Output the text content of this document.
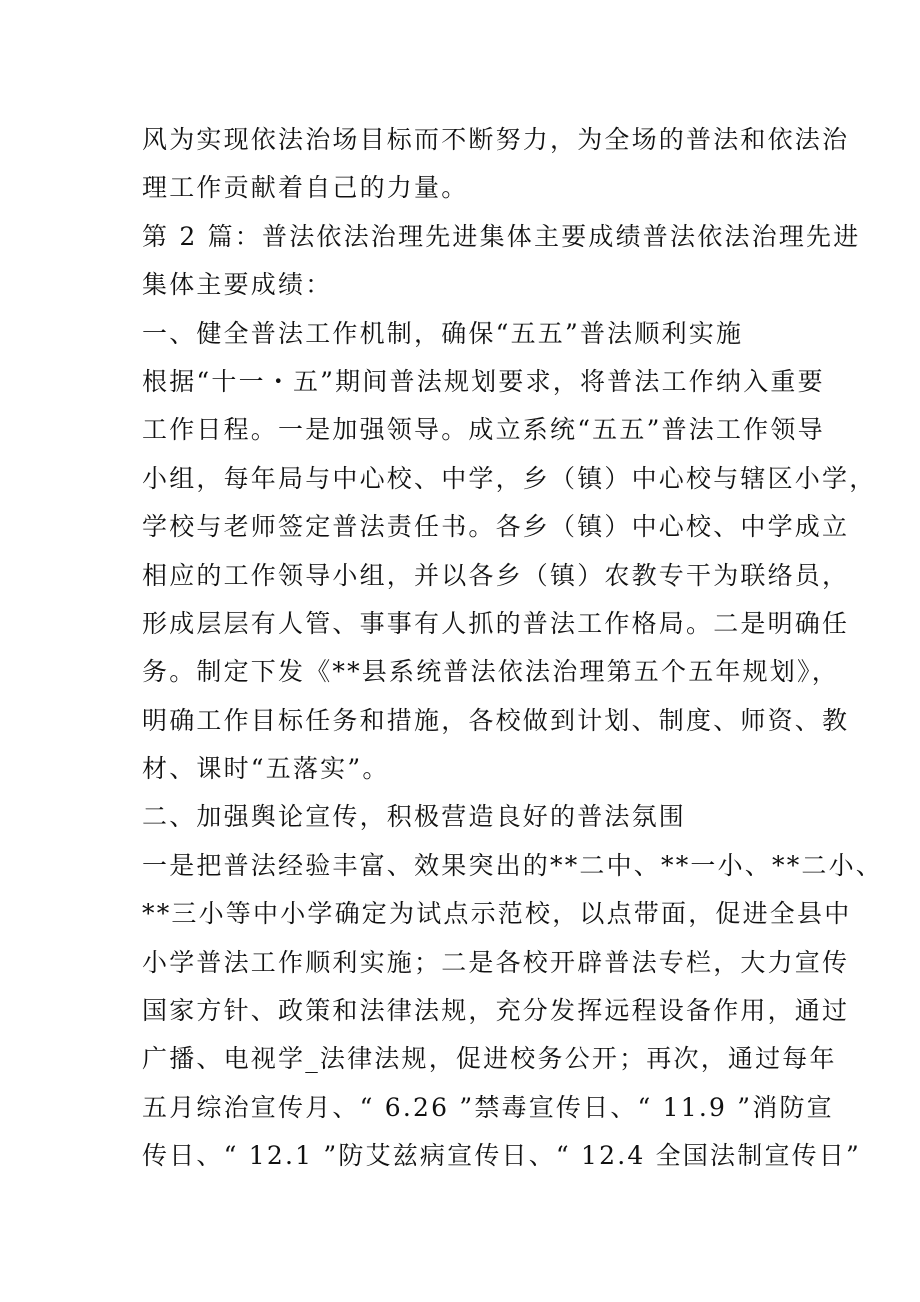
风为实现依法治场目标而不断努力，为全场的普法和依法治
理工作贡献着自己的力量。
第 2 篇：普法依法治理先进集体主要成绩普法依法治理先进
集体主要成绩：
一、健全普法工作机制，确保“五五”普法顺利实施
根据“十一・五”期间普法规划要求，将普法工作纳入重要
工作日程。一是加强领导。成立系统“五五”普法工作领导
小组，每年局与中心校、中学，乡（镇）中心校与辖区小学，
学校与老师签定普法责任书。各乡（镇）中心校、中学成立
相应的工作领导小组，并以各乡（镇）农教专干为联络员，
形成层层有人管、事事有人抓的普法工作格局。二是明确任
务。制定下发《**县系统普法依法治理第五个五年规划》，
明确工作目标任务和措施，各校做到计划、制度、师资、教
材、课时“五落实”。
二、加强舆论宣传，积极营造良好的普法氛围
一是把普法经验丰富、效果突出的**二中、**一小、**二小、
**三小等中小学确定为试点示范校，以点带面，促进全县中
小学普法工作顺利实施；二是各校开辟普法专栏，大力宣传
国家方针、政策和法律法规，充分发挥远程设备作用，通过
广播、电视学_法律法规，促进校务公开；再次，通过每年
五月综治宣传月、“ 6.26 ”禁毒宣传日、“ 11.9 ”消防宣
传日、“ 12.1 ”防艾兹病宣传日、“ 12.4 全国法制宣传日”
